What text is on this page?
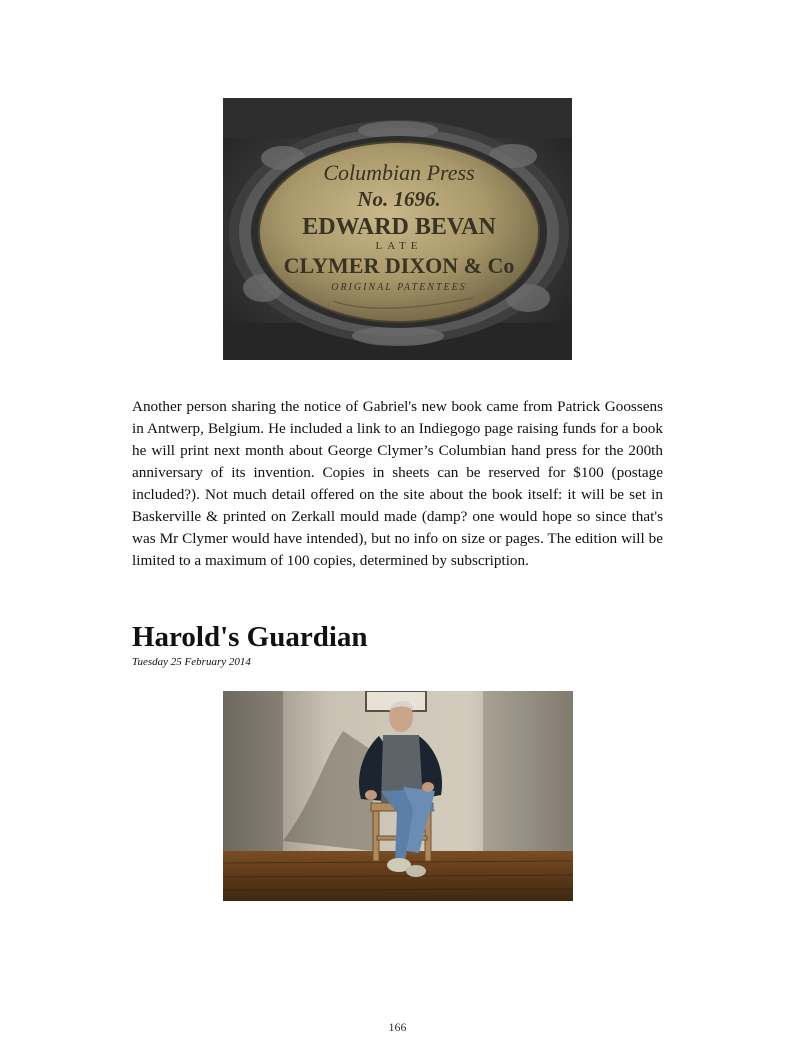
Columbian Press
No. 1696.
EDWARD BEVAN
LATE
CLYMER DIXON & Co
ORIGINAL PATENTEES

Another person sharing the notice of Gabriel's new book came from Patrick Goossens in Antwerp, Belgium. He included a link to an Indiegogo page raising funds for a book he will print next month about George Clymer’s Columbian hand press for the 200th anniversary of its invention. Copies in sheets can be reserved for $100 (postage included?). Not much detail offered on the site about the book itself: it will be set in Baskerville & printed on Zerkall mould made (damp? one would hope so since that's was Mr Clymer would have intended), but no info on size or pages. The edition will be limited to a maximum of 100 copies, determined by subscription.

Harold's Guardian

Tuesday 25 February 2014

166
